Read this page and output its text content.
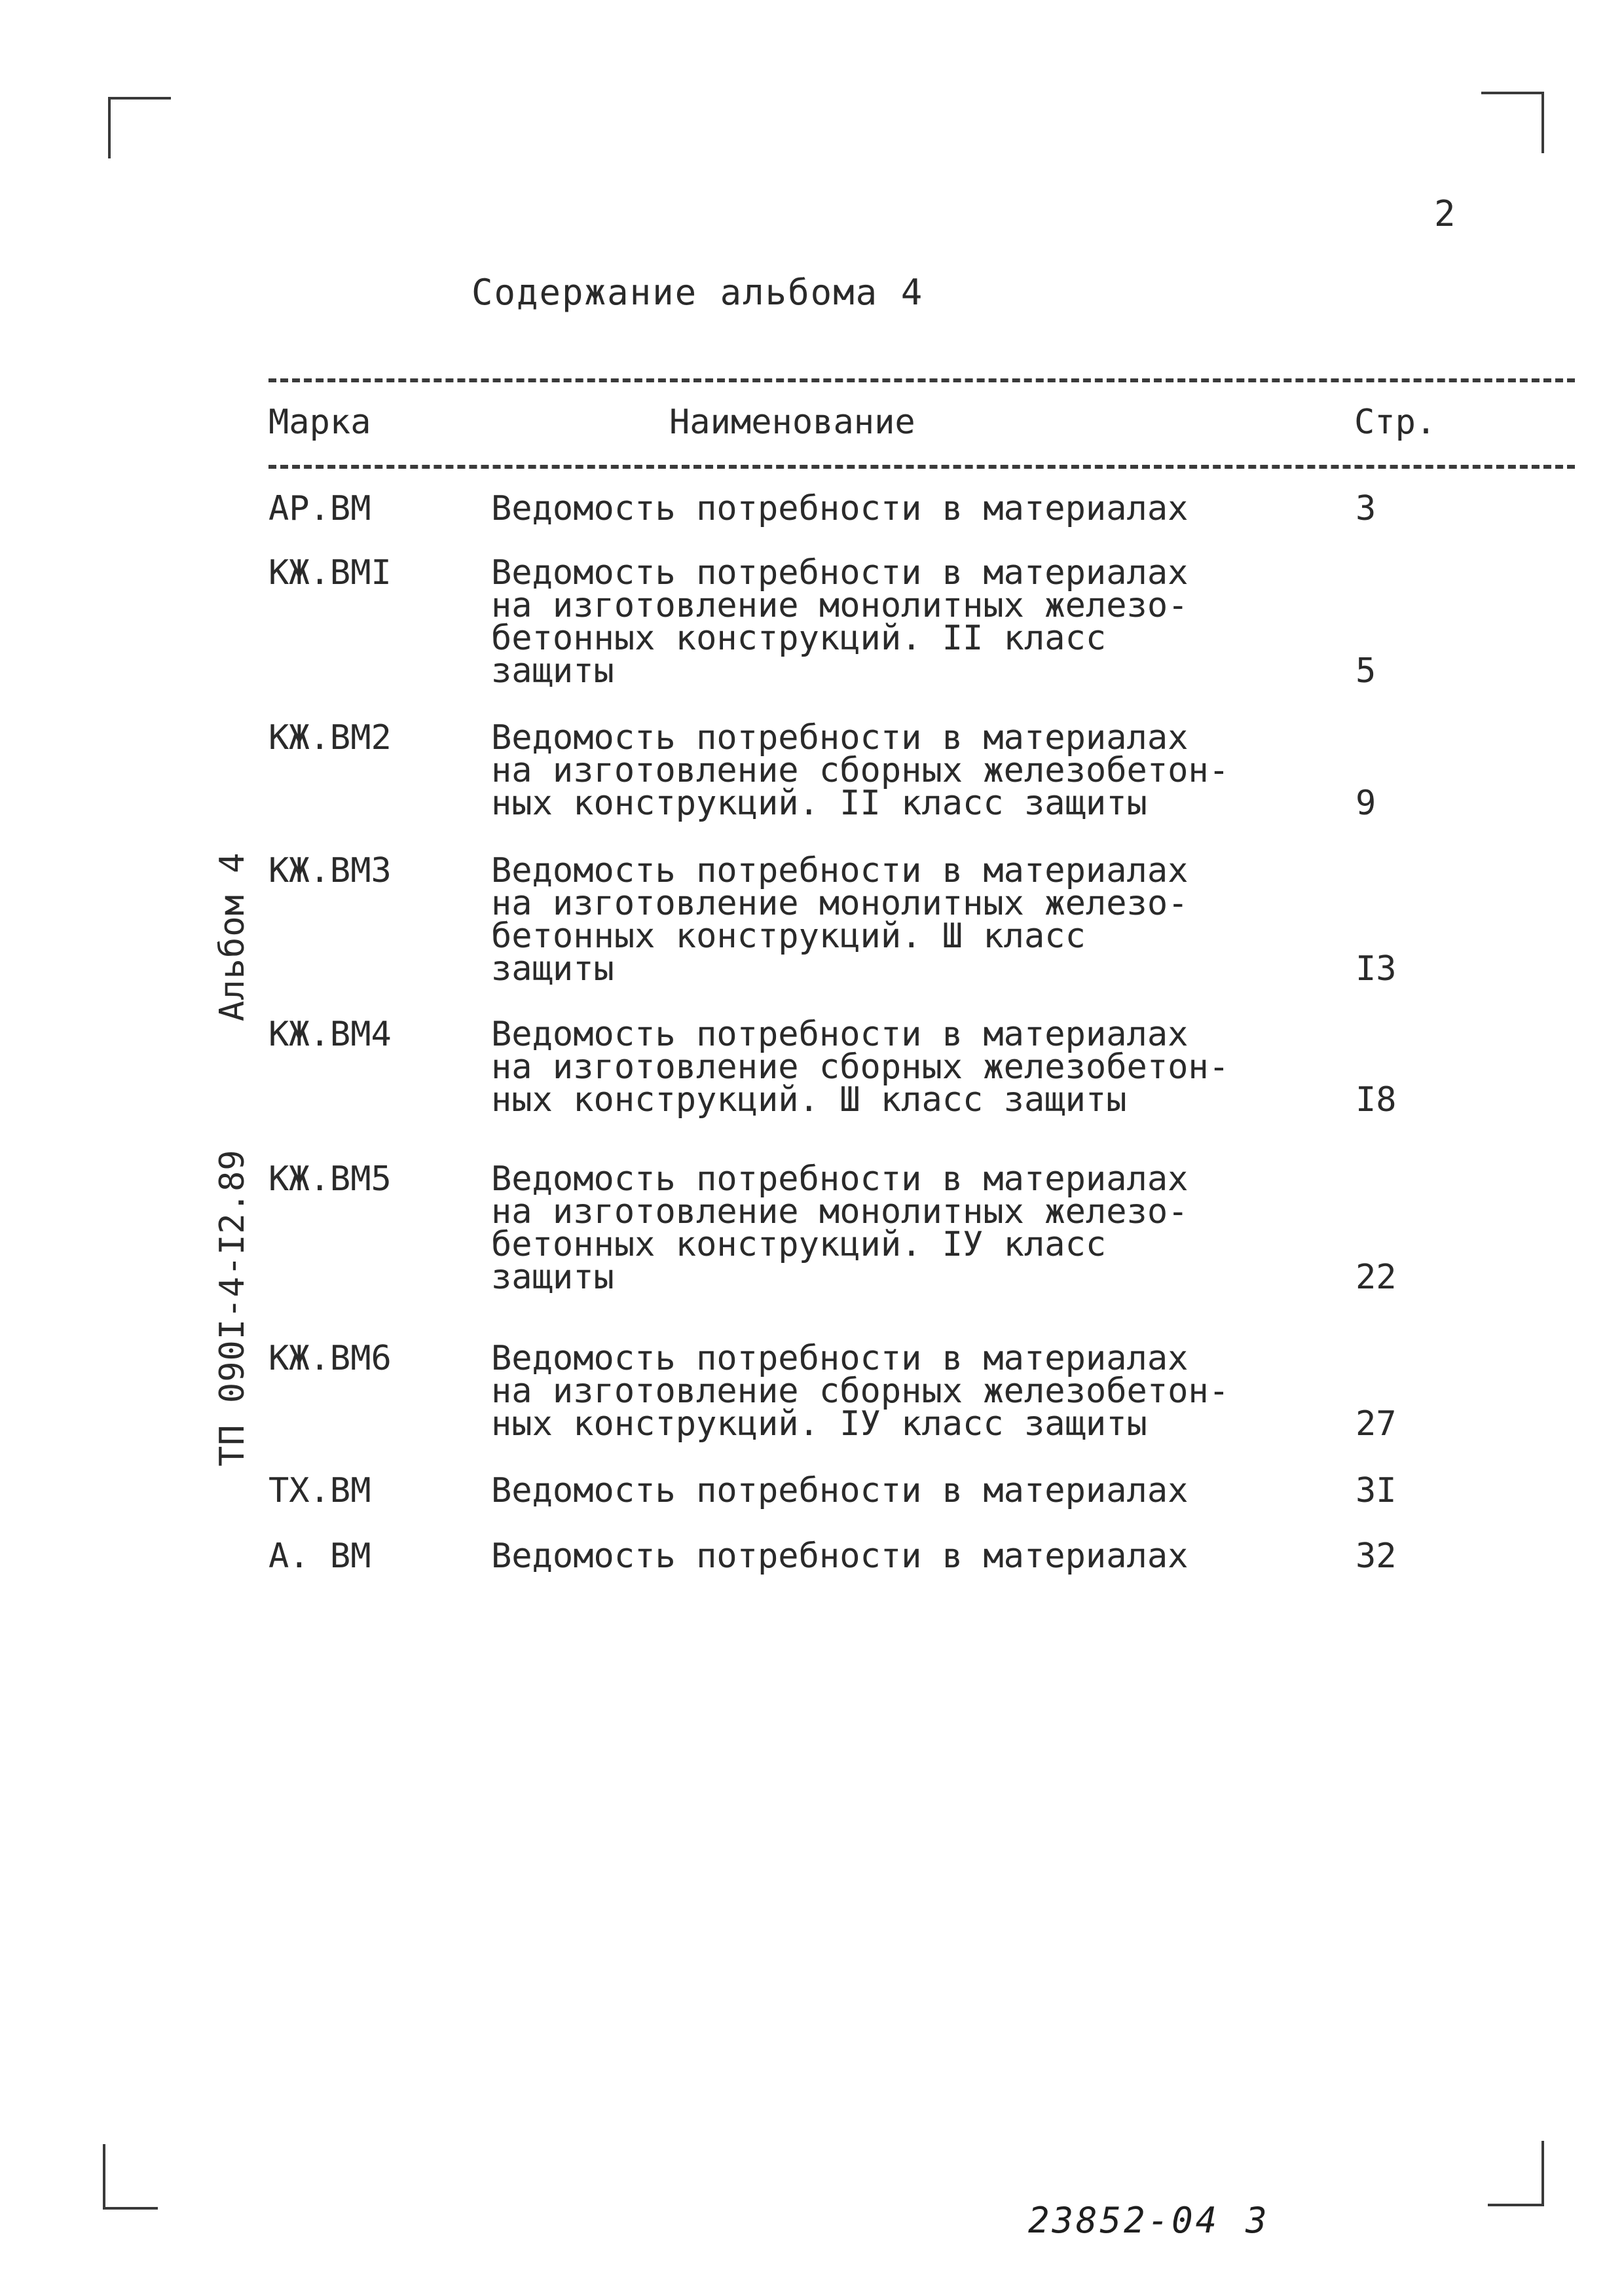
2
Содержание альбома 4
Марка	Наименование	Стр.
АР.ВМ	Ведомость потребности в материалах	3
КЖ.ВМI	Ведомость потребности в материалах
на изготовление монолитных железо-
бетонных конструкций. II класс
защиты	5
КЖ.ВМ2	Ведомость потребности в материалах
на изготовление сборных железобетон-
ных конструкций. II класс защиты	9
КЖ.ВМ3	Ведомость потребности в материалах
на изготовление монолитных железо-
бетонных конструкций. Ш класс
защиты	I3
КЖ.ВМ4	Ведомость потребности в материалах
на изготовление сборных железобетон-
ных конструкций. Ш класс защиты	I8
КЖ.ВМ5	Ведомость потребности в материалах
на изготовление монолитных железо-
бетонных конструкций. IУ класс
защиты	22
КЖ.ВМ6	Ведомость потребности в материалах
на изготовление сборных железобетон-
ных конструкций. IУ класс защиты	27
ТХ.ВМ	Ведомость потребности в материалах	3I
А. ВМ	Ведомость потребности в материалах	32
Альбом 4
ТП 090I-4-I2.89
23852-04 3
